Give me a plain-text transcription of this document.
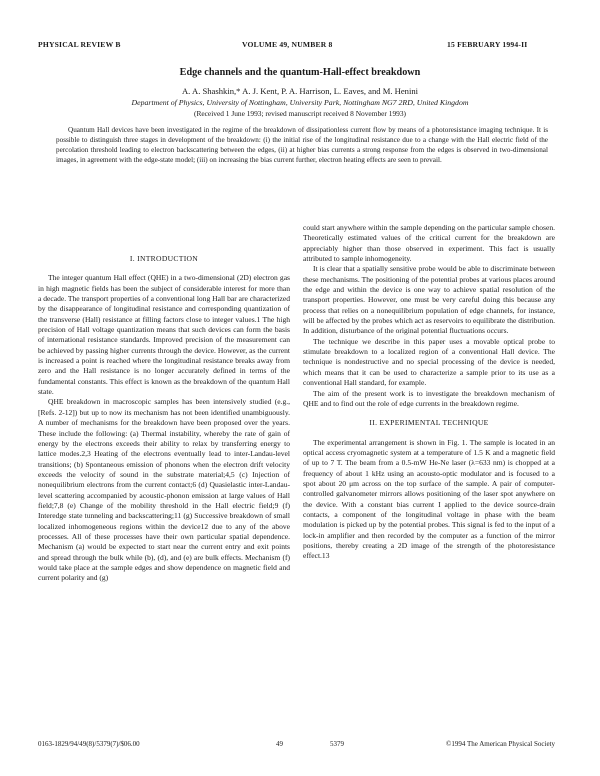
PHYSICAL REVIEW B	VOLUME 49, NUMBER 8	15 FEBRUARY 1994-II
Edge channels and the quantum-Hall-effect breakdown
A. A. Shashkin,* A. J. Kent, P. A. Harrison, L. Eaves, and M. Henini
Department of Physics, University of Nottingham, University Park, Nottingham NG7 2RD, United Kingdom
(Received 1 June 1993; revised manuscript received 8 November 1993)
Quantum Hall devices have been investigated in the regime of the breakdown of dissipationless current flow by means of a photoresistance imaging technique. It is possible to distinguish three stages in development of the breakdown: (i) the initial rise of the longitudinal resistance due to a change with the Hall electric field of the percolation threshold leading to electron backscattering between the edges, (ii) at higher bias currents a strong response from the edges is observed in two-dimensional images, in agreement with the edge-state model; (iii) on increasing the bias current further, electron heating effects are seen to prevail.
I. INTRODUCTION

The integer quantum Hall effect (QHE) in a two-dimensional (2D) electron gas in high magnetic fields has been the subject of considerable interest for more than a decade. The transport properties of a conventional long Hall bar are characterized by the disappearance of longitudinal resistance and corresponding quantization of the transverse (Hall) resistance at filling factors close to integer values.1 The high precision of Hall voltage quantization means that such devices can form the basis of international resistance standards. Improved precision of the measurement can be achieved by passing higher currents through the device. However, as the current is increased a point is reached where the longitudinal resistance breaks away from zero and the Hall resistance is no longer accurately defined in terms of the fundamental constants. This effect is known as the breakdown of the quantum Hall state.

QHE breakdown in macroscopic samples has been intensively studied (e.g., [Refs. 2-12]) but up to now its mechanism has not been identified unambiguously. A number of mechanisms for the breakdown have been proposed over the years. These include the following: (a) Thermal instability, whereby the rate of gain of energy by the electrons exceeds their ability to relax by transferring energy to lattice modes.2,3 Heating of the electrons eventually lead to inter-Landau-level transitions; (b) Spontaneous emission of phonons when the electron drift velocity exceeds the velocity of sound in the substrate material;4,5 (c) Injection of nonequilibrium electrons from the current contact;6 (d) Quasielastic inter-Landau-level scattering accompanied by acoustic-phonon emission at large values of Hall field;7,8 (e) Change of the mobility threshold in the Hall electric field;9 (f) Interedge state tunneling and backscattering;11 (g) Successive breakdown of small localized inhomogeneous regions within the device12 due to any of the above processes. All of these processes have their own particular spatial dependence. Mechanism (a) would be expected to start near the current entry and exit points and spread through the bulk while (b), (d), and (e) are bulk effects. Mechanism (f) would take place at the sample edges and show dependence on magnetic field and current polarity and (g)

could start anywhere within the sample depending on the particular sample chosen. Theoretically estimated values of the critical current for the breakdown are appreciably higher than those observed in experiment. This fact is usually attributed to sample inhomogeneity.

It is clear that a spatially sensitive probe would be able to discriminate between these mechanisms. The positioning of the potential probes at various places around the edge and within the device is one way to achieve spatial resolution of the transport properties. However, one must be very careful doing this because any process that relies on a nonequilibrium population of edge channels, for instance, will be affected by the probes which act as reservoirs to equilibrate the distribution. In addition, disturbance of the original potential fluctuations occurs.

The technique we describe in this paper uses a movable optical probe to stimulate breakdown to a localized region of a conventional Hall device. The technique is nondestructive and no special processing of the device is needed, which means that it can be used to characterize a sample prior to its use as a conventional Hall standard, for example.

The aim of the present work is to investigate the breakdown mechanism of QHE and to find out the role of edge currents in the breakdown regime.

II. EXPERIMENTAL TECHNIQUE

The experimental arrangement is shown in Fig. 1. The sample is located in an optical access cryomagnetic system at a temperature of 1.5 K and a magnetic field of up to 7 T. The beam from a 0.5-mW He-Ne laser (λ=633 nm) is chopped at a frequency of about 1 kHz using an acousto-optic modulator and is focused to a spot about 20 μm across on the top surface of the sample. A pair of computer-controlled galvanometer mirrors allows positioning of the laser spot anywhere on the device. With a constant bias current I applied to the device source-drain contacts, a component of the longitudinal voltage in phase with the beam modulation is picked up by the potential probes. This signal is fed to the input of a lock-in amplifier and then recorded by the computer as a function of the mirror positions, thereby creating a 2D image of the strength of the photoresistance effect.13

0163-1829/94/49(8)/5379(7)/$06.00	49	5379	©1994 The American Physical Society
